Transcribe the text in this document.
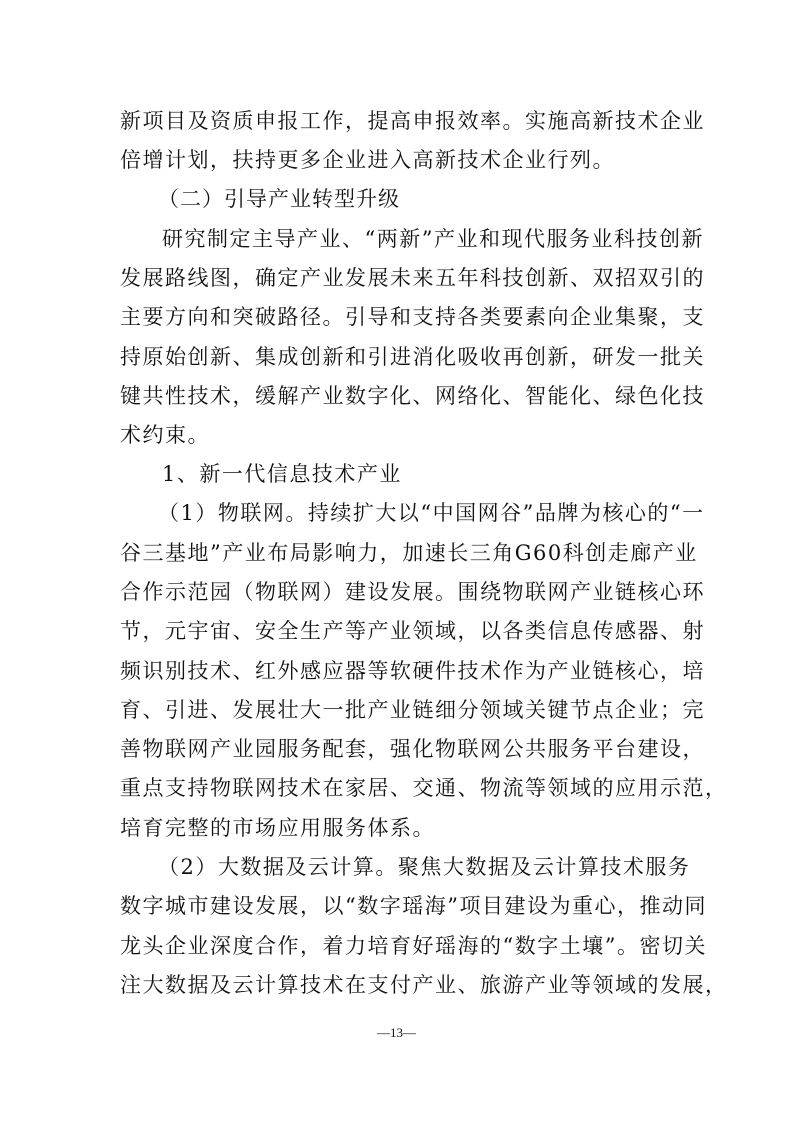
新项目及资质申报工作，提高申报效率。实施高新技术企业
倍增计划，扶持更多企业进入高新技术企业行列。
（二）引导产业转型升级
研究制定主导产业、“两新”产业和现代服务业科技创新
发展路线图，确定产业发展未来五年科技创新、双招双引的
主要方向和突破路径。引导和支持各类要素向企业集聚，支
持原始创新、集成创新和引进消化吸收再创新，研发一批关
键共性技术，缓解产业数字化、网络化、智能化、绿色化技
术约束。
1、新一代信息技术产业
（1）物联网。持续扩大以“中国网谷”品牌为核心的“一
谷三基地”产业布局影响力，加速长三角G60科创走廊产业
合作示范园（物联网）建设发展。围绕物联网产业链核心环
节，元宇宙、安全生产等产业领域，以各类信息传感器、射
频识别技术、红外感应器等软硬件技术作为产业链核心，培
育、引进、发展壮大一批产业链细分领域关键节点企业；完
善物联网产业园服务配套，强化物联网公共服务平台建设，
重点支持物联网技术在家居、交通、物流等领域的应用示范，
培育完整的市场应用服务体系。
（2）大数据及云计算。聚焦大数据及云计算技术服务
数字城市建设发展，以“数字瑶海”项目建设为重心，推动同
龙头企业深度合作，着力培育好瑶海的“数字土壤”。密切关
注大数据及云计算技术在支付产业、旅游产业等领域的发展，
—13—
